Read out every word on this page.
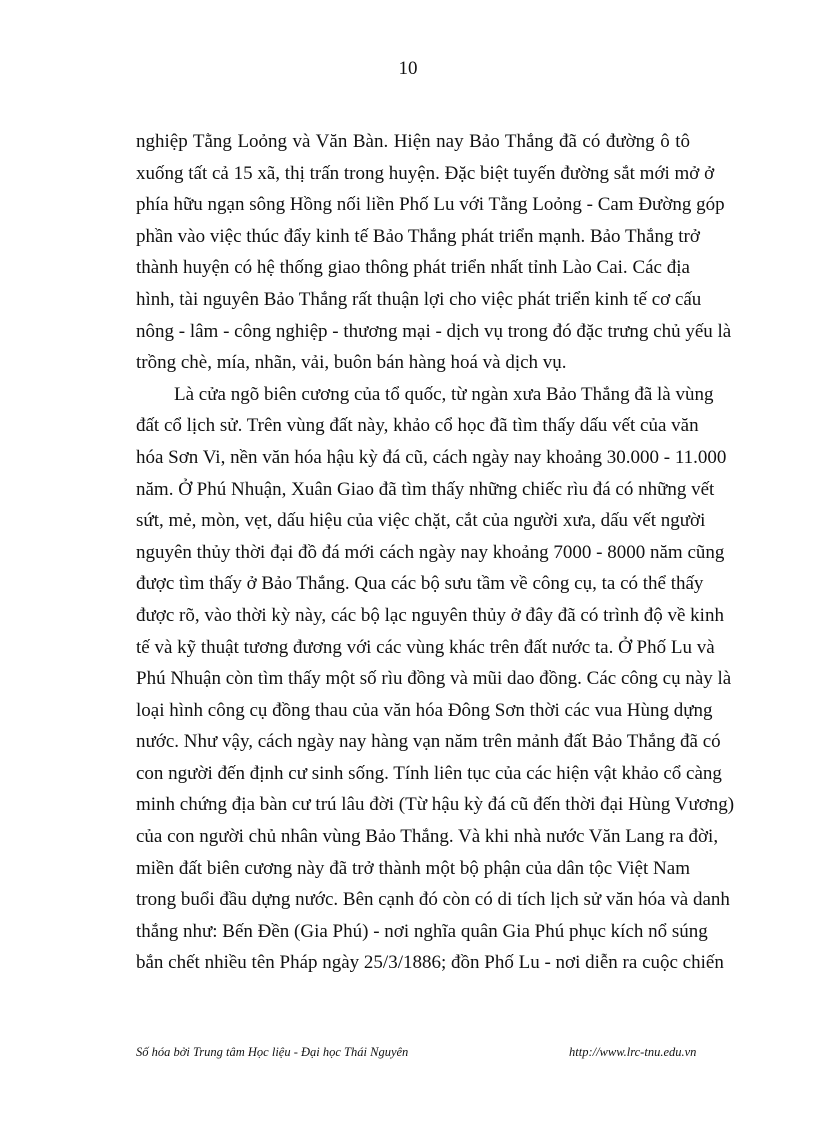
10
nghiệp Tằng Loỏng và Văn Bàn. Hiện nay Bảo Thắng đã có đường ô tô
xuống tất cả 15 xã, thị trấn trong huyện. Đặc biệt tuyến đường sắt mới mở ở
phía hữu ngạn sông Hồng nối liền Phố Lu với Tằng Loỏng - Cam Đường góp
phần vào việc thúc đẩy kinh tế Bảo Thắng phát triển mạnh. Bảo Thắng trở
thành huyện có hệ thống giao thông phát triển nhất tỉnh Lào Cai. Các địa
hình, tài nguyên Bảo Thắng rất thuận lợi cho việc phát triển kinh tế cơ cấu
nông - lâm - công nghiệp - thương mại - dịch vụ trong đó đặc trưng chủ yếu là
trồng chè, mía, nhãn, vải, buôn bán hàng hoá và dịch vụ.
Là cửa ngõ biên cương của tổ quốc, từ ngàn xưa Bảo Thắng đã là vùng
đất cổ lịch sử. Trên vùng đất này, khảo cổ học đã tìm thấy dấu vết của văn
hóa Sơn Vi, nền văn hóa hậu kỳ đá cũ, cách ngày nay khoảng 30.000 - 11.000
năm. Ở Phú Nhuận, Xuân Giao đã tìm thấy những chiếc rìu đá có những vết
sứt, mẻ, mòn, vẹt, dấu hiệu của việc chặt, cắt của người xưa, dấu vết người
nguyên thủy thời đại đồ đá mới cách ngày nay khoảng 7000 - 8000 năm cũng
được tìm thấy ở Bảo Thắng. Qua các bộ sưu tầm về công cụ, ta có thể thấy
được rõ, vào thời kỳ này, các bộ lạc nguyên thủy ở đây đã có trình độ về kinh
tế và kỹ thuật tương đương với các vùng khác trên đất nước ta. Ở Phố Lu và
Phú Nhuận còn tìm thấy một số rìu đồng và mũi dao đồng. Các công cụ này là
loại hình công cụ đồng thau của văn hóa Đông Sơn thời các vua Hùng dựng
nước. Như vậy, cách ngày nay hàng vạn năm trên mảnh đất Bảo Thắng đã có
con người đến định cư sinh sống. Tính liên tục của các hiện vật khảo cổ càng
minh chứng địa bàn cư trú lâu đời (Từ hậu kỳ đá cũ đến thời đại Hùng Vương)
của con người chủ nhân vùng Bảo Thắng. Và khi nhà nước Văn Lang ra đời,
miền đất biên cương này đã trở thành một bộ phận của dân tộc Việt Nam
trong buổi đầu dựng nước. Bên cạnh đó còn có di tích lịch sử văn hóa và danh
thắng như: Bến Đền (Gia Phú) - nơi nghĩa quân Gia Phú phục kích nổ súng
bắn chết nhiều tên Pháp ngày 25/3/1886; đồn Phố Lu - nơi diễn ra cuộc chiến
Số hóa bởi Trung tâm Học liệu - Đại học Thái Nguyên	http://www.lrc-tnu.edu.vn
